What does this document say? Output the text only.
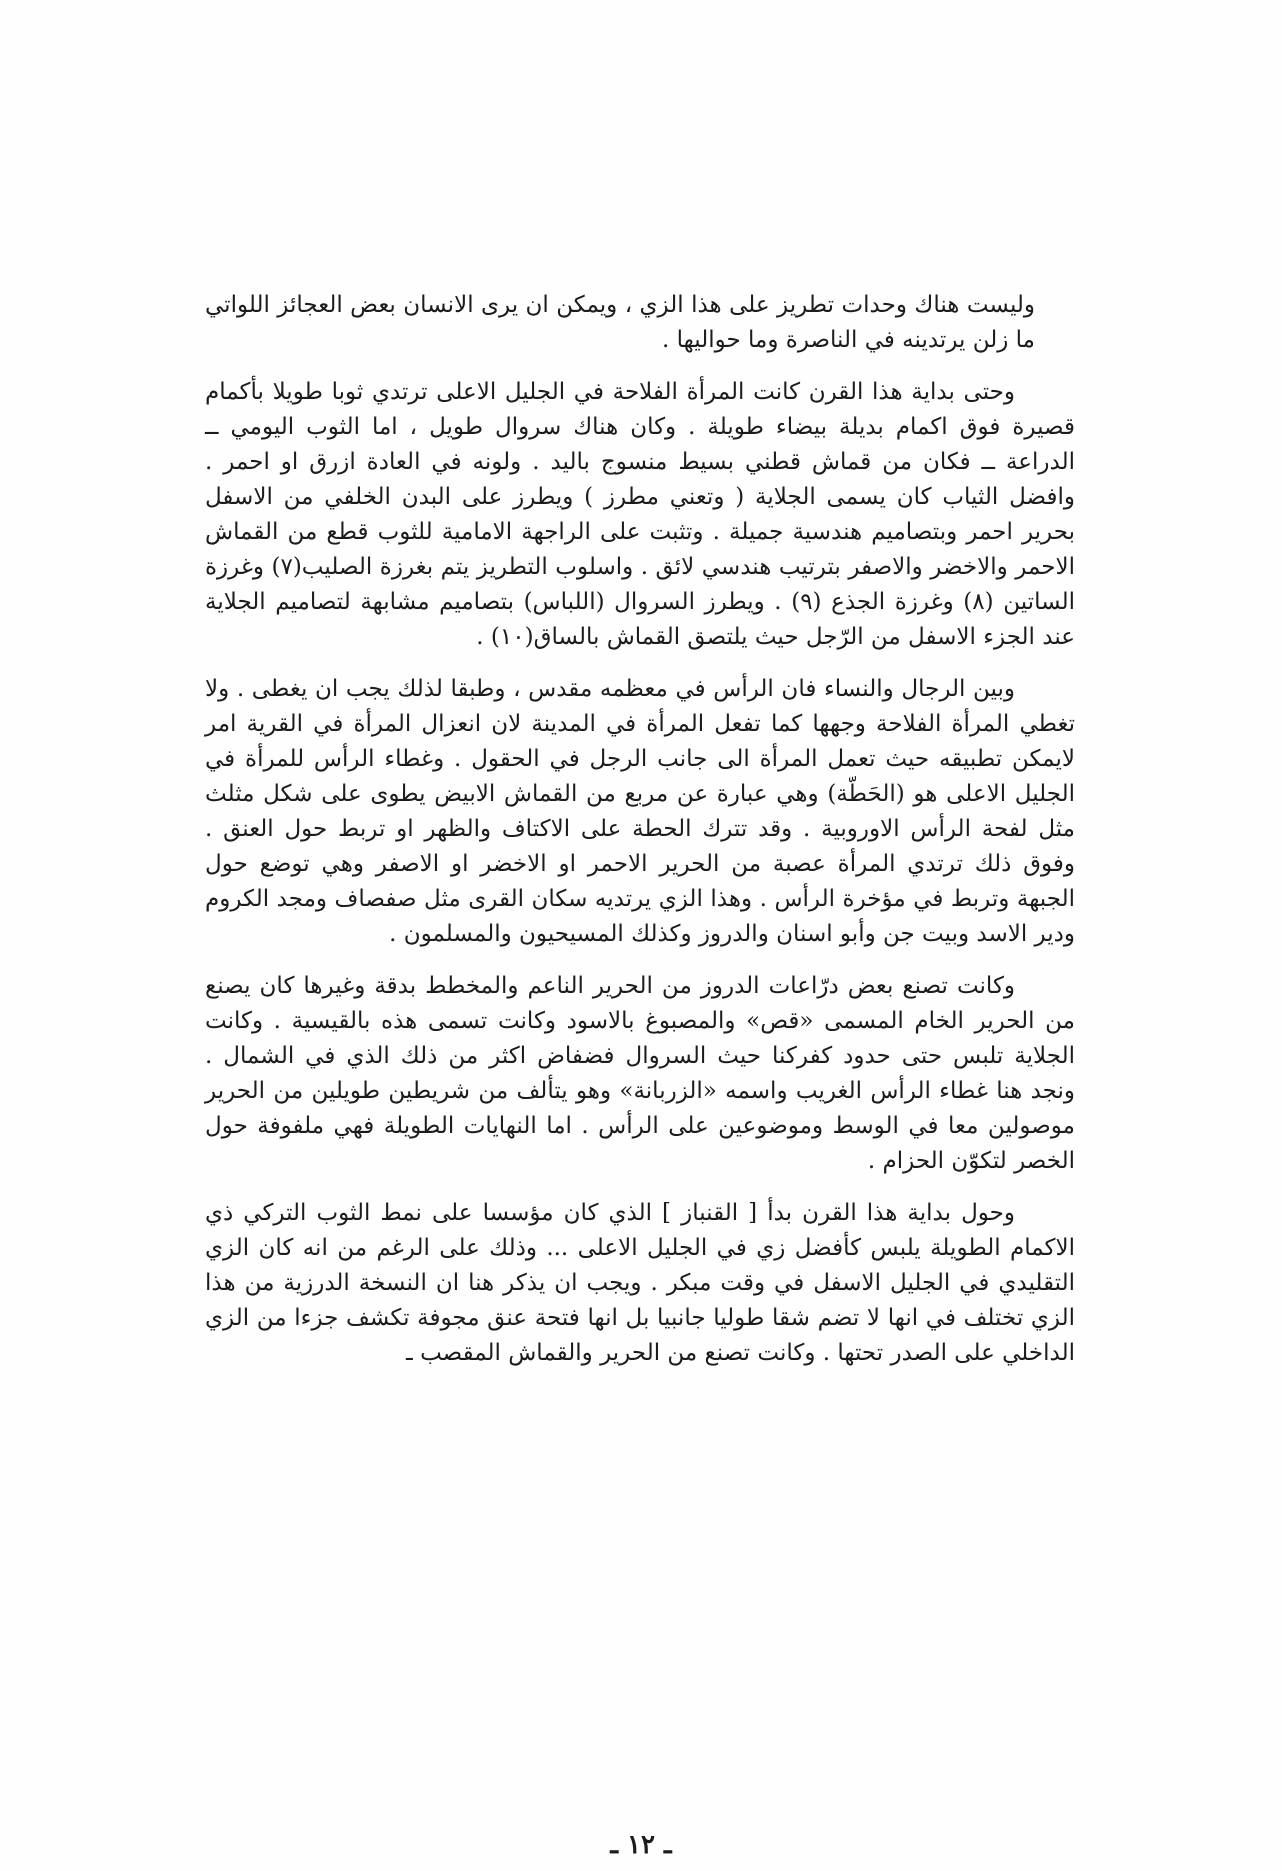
وليست هناك وحدات تطريز على هذا الزي ، ويمكن ان يرى الانسان بعض العجائز اللواتي ما زلن يرتدينه في الناصرة وما حواليها .

وحتى بداية هذا القرن كانت المرأة الفلاحة في الجليل الاعلى ترتدي ثوبا طويلا بأكمام قصيرة فوق اكمام بديلة بيضاء طويلة . وكان هناك سروال طويل ، اما الثوب اليومي ــ الدراعة ــ فكان من قماش قطني بسيط منسوج باليد . ولونه في العادة ازرق او احمر . وافضل الثياب كان يسمى الجلاية ( وتعني مطرز ) ويطرز على البدن الخلفي من الاسفل بحرير احمر وبتصاميم هندسية جميلة . وتثبت على الراجهة الامامية للثوب قطع من القماش الاحمر والاخضر والاصفر بترتيب هندسي لائق . واسلوب التطريز يتم بغرزة الصليب(٧) وغرزة الساتين (٨) وغرزة الجذع (٩) . ويطرز السروال (اللباس) بتصاميم مشابهة لتصاميم الجلاية عند الجزء الاسفل من الرّجل حيث يلتصق القماش بالساق(١٠) .

وبين الرجال والنساء فان الرأس في معظمه مقدس ، وطبقا لذلك يجب ان يغطى . ولا تغطي المرأة الفلاحة وجهها كما تفعل المرأة في المدينة لان انعزال المرأة في القرية امر لايمكن تطبيقه حيث تعمل المرأة الى جانب الرجل في الحقول . وغطاء الرأس للمرأة في الجليل الاعلى هو (الحَطّة) وهي عبارة عن مربع من القماش الابيض يطوى على شكل مثلث مثل لفحة الرأس الاوروبية . وقد تترك الحطة على الاكتاف والظهر او تربط حول العنق . وفوق ذلك ترتدي المرأة عصبة من الحرير الاحمر او الاخضر او الاصفر وهي توضع حول الجبهة وتربط في مؤخرة الرأس . وهذا الزي يرتديه سكان القرى مثل صفصاف ومجد الكروم ودير الاسد وبيت جن وأبو اسنان والدروز وكذلك المسيحيون والمسلمون .

وكانت تصنع بعض درّاعات الدروز من الحرير الناعم والمخطط بدقة وغيرها كان يصنع من الحرير الخام المسمى «قص» والمصبوغ بالاسود وكانت تسمى هذه بالقيسية . وكانت الجلاية تلبس حتى حدود كفركنا حيث السروال فضفاض اكثر من ذلك الذي في الشمال . ونجد هنا غطاء الرأس الغريب واسمه «الزربانة» وهو يتألف من شريطين طويلين من الحرير موصولين معا في الوسط وموضوعين على الرأس . اما النهايات الطويلة فهي ملفوفة حول الخصر لتكوّن الحزام .

وحول بداية هذا القرن بدأ [ القنباز ] الذي كان مؤسسا على نمط الثوب التركي ذي الاكمام الطويلة يلبس كأفضل زي في الجليل الاعلى ... وذلك على الرغم من انه كان الزي التقليدي في الجليل الاسفل في وقت مبكر . ويجب ان يذكر هنا ان النسخة الدرزية من هذا الزي تختلف في انها لا تضم شقا طوليا جانبيا بل انها فتحة عنق مجوفة تكشف جزءا من الزي الداخلي على الصدر تحتها . وكانت تصنع من الحرير والقماش المقصب ـ

ـ ١٢ ـ
